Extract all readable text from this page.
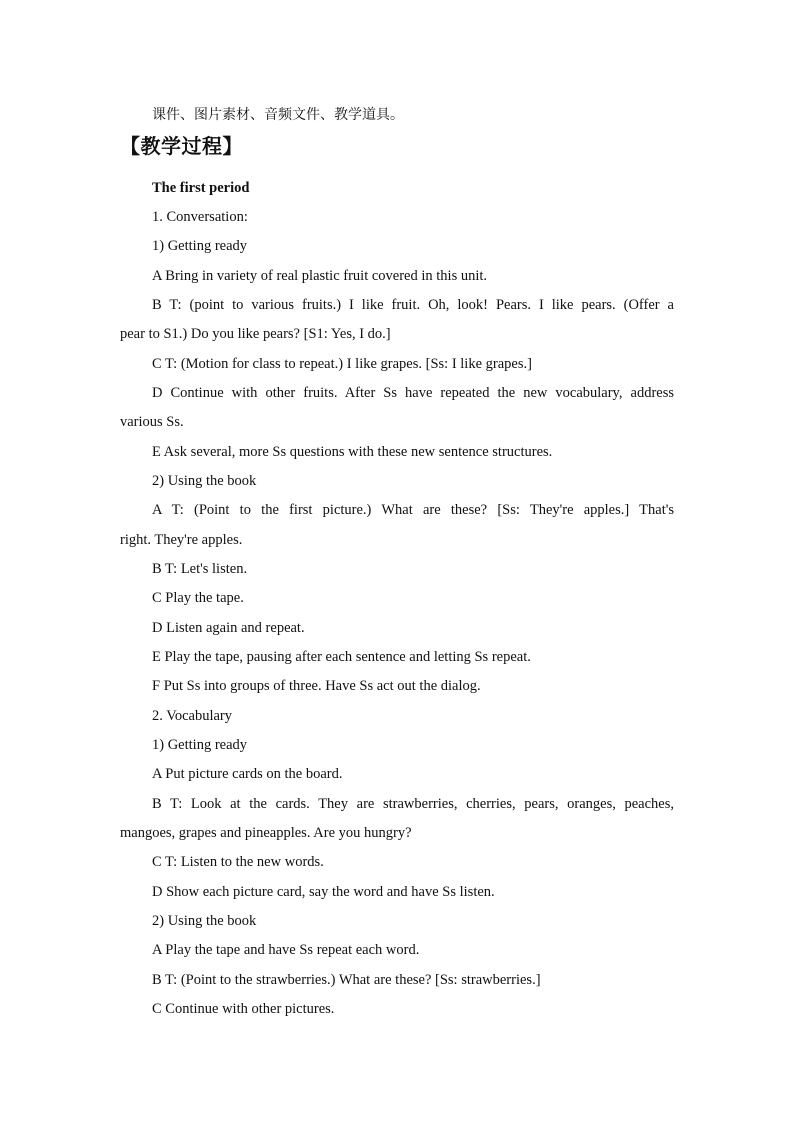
课件、图片素材、音频文件、教学道具。
【教学过程】
The first period
1. Conversation:
1) Getting ready
A Bring in variety of real plastic fruit covered in this unit.
B T: (point to various fruits.) I like fruit. Oh, look! Pears. I like pears. (Offer a
pear to S1.) Do you like pears? [S1: Yes, I do.]
C T: (Motion for class to repeat.) I like grapes. [Ss: I like grapes.]
D Continue with other fruits. After Ss have repeated the new vocabulary, address
various Ss.
E Ask several, more Ss questions with these new sentence structures.
2) Using the book
A T: (Point to the first picture.) What are these? [Ss: They're apples.] That's
right. They're apples.
B T: Let's listen.
C Play the tape.
D Listen again and repeat.
E Play the tape, pausing after each sentence and letting Ss repeat.
F Put Ss into groups of three. Have Ss act out the dialog.
2. Vocabulary
1) Getting ready
A Put picture cards on the board.
B T: Look at the cards. They are strawberries, cherries, pears, oranges, peaches,
mangoes, grapes and pineapples. Are you hungry?
C T: Listen to the new words.
D Show each picture card, say the word and have Ss listen.
2) Using the book
A Play the tape and have Ss repeat each word.
B T: (Point to the strawberries.) What are these? [Ss: strawberries.]
C Continue with other pictures.
